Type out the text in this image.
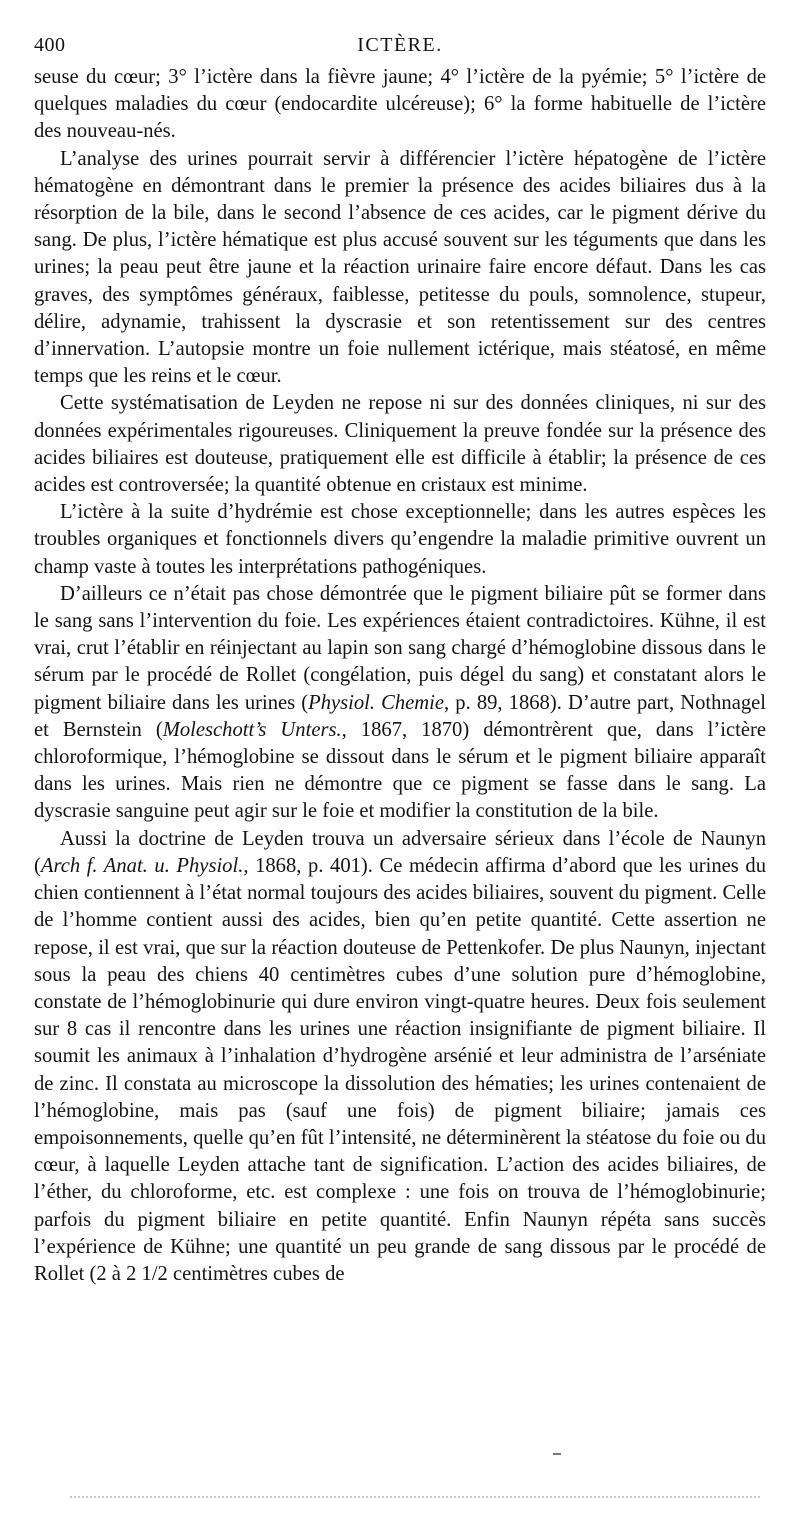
400	ICTÈRE.

seuse du cœur; 3° l’ictère dans la fièvre jaune; 4° l’ictère de la pyémie; 5° l’ictère de quelques maladies du cœur (endocardite ulcéreuse); 6° la forme habituelle de l’ictère des nouveau-nés.

L’analyse des urines pourrait servir à différencier l’ictère hépatogène de l’ictère hématogène en démontrant dans le premier la présence des acides biliaires dus à la résorption de la bile, dans le second l’absence de ces acides, car le pigment dérive du sang. De plus, l’ictère hématique est plus accusé souvent sur les téguments que dans les urines; la peau peut être jaune et la réaction urinaire faire encore défaut. Dans les cas graves, des symptômes généraux, faiblesse, petitesse du pouls, somnolence, stupeur, délire, adynamie, trahissent la dyscrasie et son retentissement sur des centres d’innervation. L’autopsie montre un foie nullement ictérique, mais stéatosé, en même temps que les reins et le cœur.

Cette systématisation de Leyden ne repose ni sur des données cliniques, ni sur des données expérimentales rigoureuses. Cliniquement la preuve fondée sur la présence des acides biliaires est douteuse, pratiquement elle est difficile à établir; la présence de ces acides est controversée; la quantité obtenue en cristaux est minime.

L’ictère à la suite d’hydrémie est chose exceptionnelle; dans les autres espèces les troubles organiques et fonctionnels divers qu’engendre la maladie primitive ouvrent un champ vaste à toutes les interprétations pathogéniques.

D’ailleurs ce n’était pas chose démontrée que le pigment biliaire pût se former dans le sang sans l’intervention du foie. Les expériences étaient contradictoires. Kühne, il est vrai, crut l’établir en réinjectant au lapin son sang chargé d’hémoglobine dissous dans le sérum par le procédé de Rollet (congélation, puis dégel du sang) et constatant alors le pigment biliaire dans les urines (Physiol. Chemie, p. 89, 1868). D’autre part, Nothnagel et Bernstein (Moleschott’s Unters., 1867, 1870) démontrèrent que, dans l’ictère chloroformique, l’hémoglobine se dissout dans le sérum et le pigment biliaire apparaît dans les urines. Mais rien ne démontre que ce pigment se fasse dans le sang. La dyscrasie sanguine peut agir sur le foie et modifier la constitution de la bile.

Aussi la doctrine de Leyden trouva un adversaire sérieux dans l’école de Naunyn (Arch f. Anat. u. Physiol., 1868, p. 401). Ce médecin affirma d’abord que les urines du chien contiennent à l’état normal toujours des acides biliaires, souvent du pigment. Celle de l’homme contient aussi des acides, bien qu’en petite quantité. Cette assertion ne repose, il est vrai, que sur la réaction douteuse de Pettenkofer. De plus Naunyn, injectant sous la peau des chiens 40 centimètres cubes d’une solution pure d’hémoglobine, constate de l’hémoglobinurie qui dure environ vingt-quatre heures. Deux fois seulement sur 8 cas il rencontre dans les urines une réaction insignifiante de pigment biliaire. Il soumit les animaux à l’inhalation d’hydrogène arsénié et leur administra de l’arséniate de zinc. Il constata au microscope la dissolution des hématies; les urines contenaient de l’hémoglobine, mais pas (sauf une fois) de pigment biliaire; jamais ces empoisonnements, quelle qu’en fût l’intensité, ne déterminèrent la stéatose du foie ou du cœur, à laquelle Leyden attache tant de signification. L’action des acides biliaires, de l’éther, du chloroforme, etc. est complexe : une fois on trouva de l’hémoglobinurie; parfois du pigment biliaire en petite quantité. Enfin Naunyn répéta sans succès l’expérience de Kühne; une quantité un peu grande de sang dissous par le procédé de Rollet (2 à 2 1/2 centimètres cubes de
